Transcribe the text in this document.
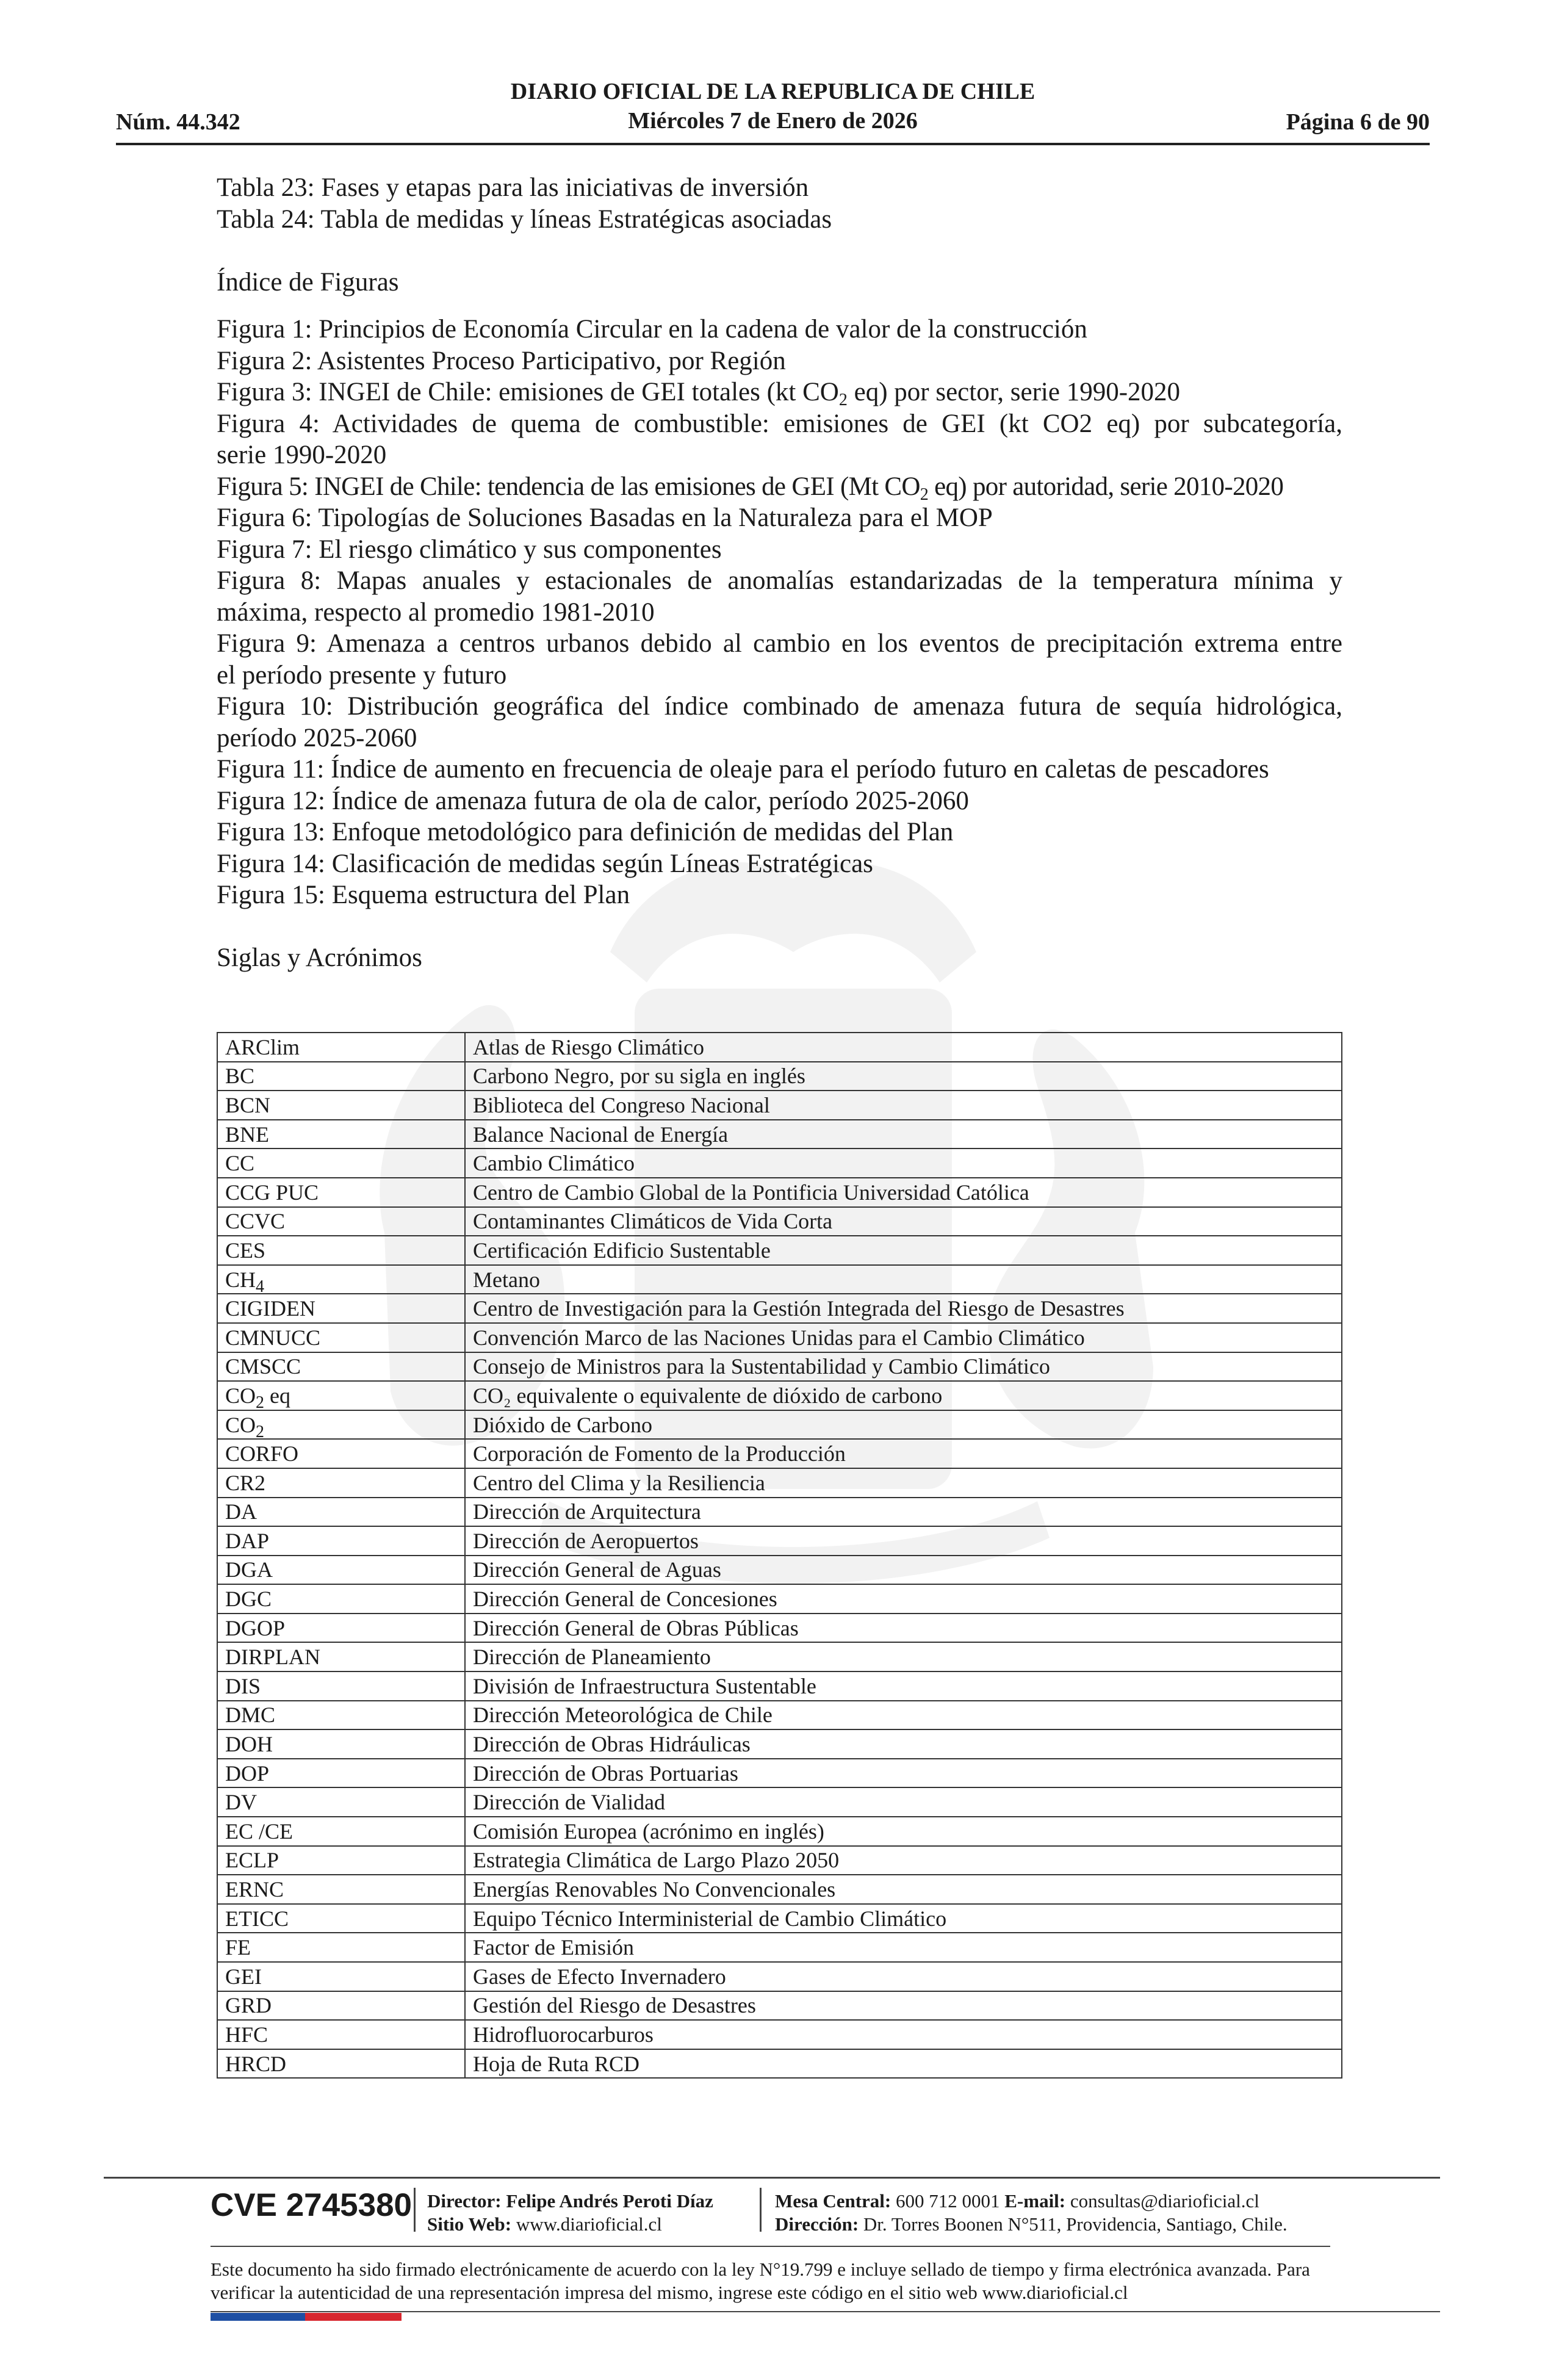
Núm. 44.342
DIARIO OFICIAL DE LA REPUBLICA DE CHILE
Miércoles 7 de Enero de 2026	Página 6 de 90
Tabla 23: Fases y etapas para las iniciativas de inversión
Tabla 24: Tabla de medidas y líneas Estratégicas asociadas
Índice de Figuras
Figura 1: Principios de Economía Circular en la cadena de valor de la construcción
Figura 2: Asistentes Proceso Participativo, por Región
Figura 3: INGEI de Chile: emisiones de GEI totales (kt $CO_2$ eq) por sector, serie 1990-2020
Figura 4: Actividades de quema de combustible: emisiones de GEI (kt CO2 eq) por subcategoría,
serie 1990-2020
Figura 5: INGEI de Chile: tendencia de las emisiones de GEI (Mt $CO_2$ eq) por autoridad, serie 2010-2020
Figura 6: Tipologías de Soluciones Basadas en la Naturaleza para el MOP
Figura 7: El riesgo climático y sus componentes
Figura 8: Mapas anuales y estacionales de anomalías estandarizadas de la temperatura mínima y
máxima, respecto al promedio 1981-2010
Figura 9: Amenaza a centros urbanos debido al cambio en los eventos de precipitación extrema entre
el período presente y futuro
Figura 10: Distribución geográfica del índice combinado de amenaza futura de sequía hidrológica,
período 2025-2060
Figura 11: Índice de aumento en frecuencia de oleaje para el período futuro en caletas de pescadores
Figura 12: Índice de amenaza futura de ola de calor, período 2025-2060
Figura 13: Enfoque metodológico para definición de medidas del Plan
Figura 14: Clasificación de medidas según Líneas Estratégicas
Figura 15: Esquema estructura del Plan
Siglas y Acrónimos
ARClim	Atlas de Riesgo Climático
BC	Carbono Negro, por su sigla en inglés
BCN	Biblioteca del Congreso Nacional
BNE	Balance Nacional de Energía
CC	Cambio Climático
CCG PUC	Centro de Cambio Global de la Pontificia Universidad Católica
CCVC	Contaminantes Climáticos de Vida Corta
CES	Certificación Edificio Sustentable
$CH_4$	Metano
CIGIDEN	Centro de Investigación para la Gestión Integrada del Riesgo de Desastres
CMNUCC	Convención Marco de las Naciones Unidas para el Cambio Climático
CMSCC	Consejo de Ministros para la Sustentabilidad y Cambio Climático
$CO_2$ eq	CO₂ equivalente o equivalente de dióxido de carbono
$CO_2$	Dióxido de Carbono
CORFO	Corporación de Fomento de la Producción
CR2	Centro del Clima y la Resiliencia
DA	Dirección de Arquitectura
DAP	Dirección de Aeropuertos
DGA	Dirección General de Aguas
DGC	Dirección General de Concesiones
DGOP	Dirección General de Obras Públicas
DIRPLAN	Dirección de Planeamiento
DIS	División de Infraestructura Sustentable
DMC	Dirección Meteorológica de Chile
DOH	Dirección de Obras Hidráulicas
DOP	Dirección de Obras Portuarias
DV	Dirección de Vialidad
EC /CE	Comisión Europea (acrónimo en inglés)
ECLP	Estrategia Climática de Largo Plazo 2050
ERNC	Energías Renovables No Convencionales
ETICC	Equipo Técnico Interministerial de Cambio Climático
FE	Factor de Emisión
GEI	Gases de Efecto Invernadero
GRD	Gestión del Riesgo de Desastres
HFC	Hidrofluorocarburos
HRCD	Hoja de Ruta RCD
CVE 2745380 Director: Felipe Andrés Peroti Díaz
Sitio Web: www.diarioficial.cl
Mesa Central: 600 712 0001 E-mail: consultas@diarioficial.cl
Dirección: Dr. Torres Boonen N°511, Providencia, Santiago, Chile.
Este documento ha sido firmado electrónicamente de acuerdo con la ley N°19.799 e incluye sellado de tiempo y firma electrónica avanzada. Para verificar la autenticidad de una representación impresa del mismo, ingrese este código en el sitio web www.diarioficial.cl
